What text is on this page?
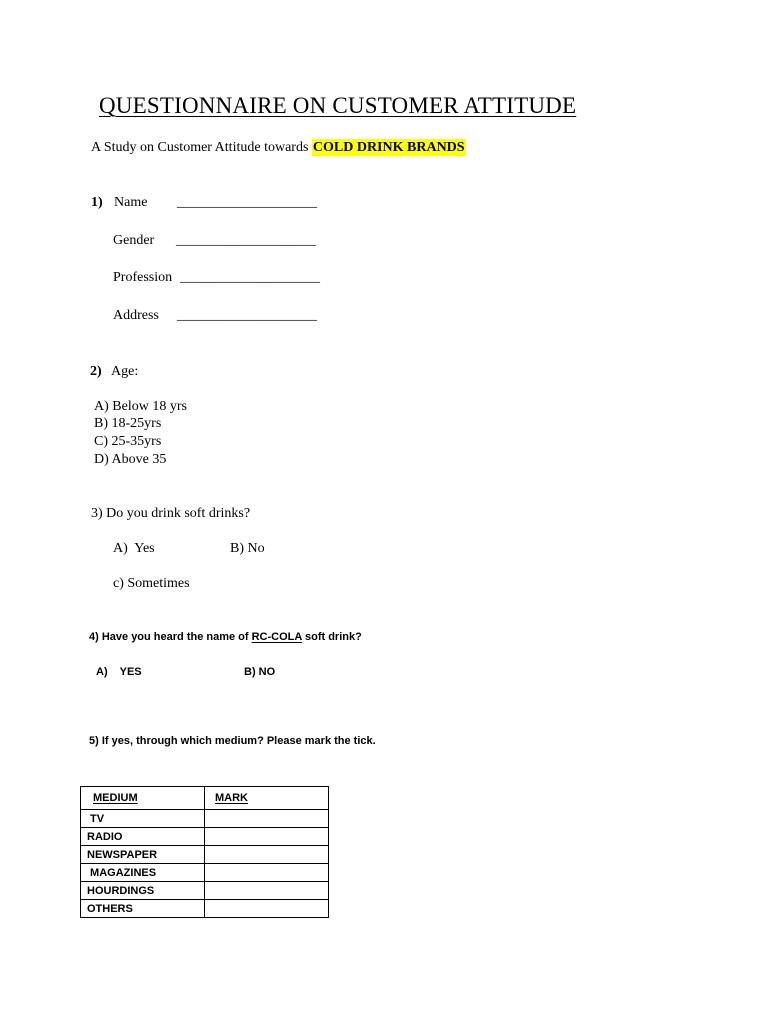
QUESTIONNAIRE ON CUSTOMER ATTITUDE
A Study on Customer Attitude towards COLD DRINK BRANDS
1) Name ____________________
Gender ____________________
Profession ____________________
Address ____________________
2) Age:
A) Below 18 yrs
B) 18-25yrs
C) 25-35yrs
D) Above 35
3) Do you drink soft drinks?
A)  Yes	B) No
c) Sometimes
4) Have you heard the name of RC-COLA soft drink?
A)    YES	B) NO
5) If yes, through which medium? Please mark the tick.
MEDIUM	MARK
TV	
RADIO	
NEWSPAPER	
MAGAZINES	
HOURDINGS	
OTHERS	
